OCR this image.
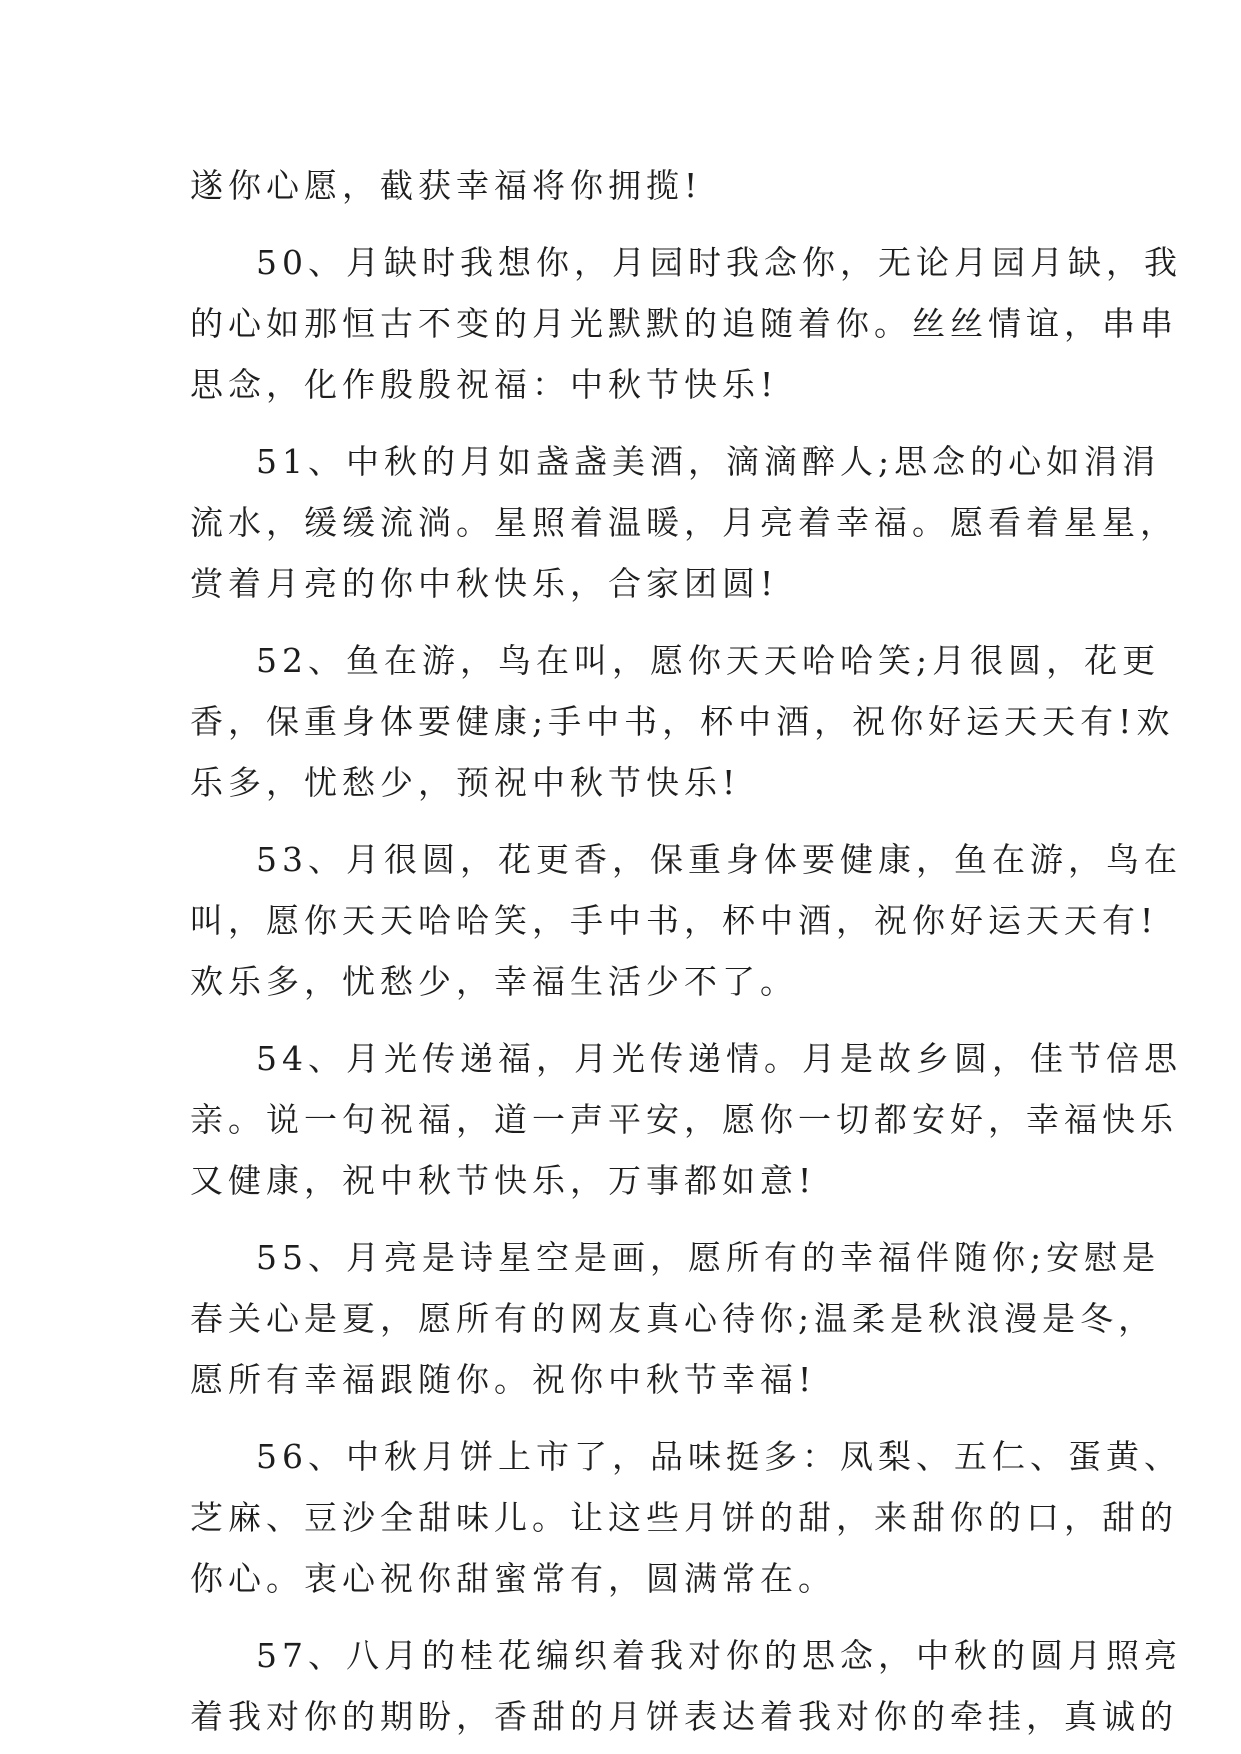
遂你心愿，截获幸福将你拥揽!
50、月缺时我想你，月园时我念你，无论月园月缺，我
的心如那恒古不变的月光默默的追随着你。丝丝情谊，串串
思念，化作殷殷祝福：中秋节快乐!
51、中秋的月如盏盏美酒，滴滴醉人;思念的心如涓涓
流水，缓缓流淌。星照着温暖，月亮着幸福。愿看着星星，
赏着月亮的你中秋快乐，合家团圆!
52、鱼在游，鸟在叫，愿你天天哈哈笑;月很圆，花更
香，保重身体要健康;手中书，杯中酒，祝你好运天天有!欢
乐多，忧愁少，预祝中秋节快乐!
53、月很圆，花更香，保重身体要健康，鱼在游，鸟在
叫，愿你天天哈哈笑，手中书，杯中酒，祝你好运天天有!
欢乐多，忧愁少，幸福生活少不了。
54、月光传递福，月光传递情。月是故乡圆，佳节倍思
亲。说一句祝福，道一声平安，愿你一切都安好，幸福快乐
又健康，祝中秋节快乐，万事都如意!
55、月亮是诗星空是画，愿所有的幸福伴随你;安慰是
春关心是夏，愿所有的网友真心待你;温柔是秋浪漫是冬，
愿所有幸福跟随你。祝你中秋节幸福!
56、中秋月饼上市了，品味挺多：凤梨、五仁、蛋黄、
芝麻、豆沙全甜味儿。让这些月饼的甜，来甜你的口，甜的
你心。衷心祝你甜蜜常有，圆满常在。
57、八月的桂花编织着我对你的思念，中秋的圆月照亮
着我对你的期盼，香甜的月饼表达着我对你的牵挂，真诚的
